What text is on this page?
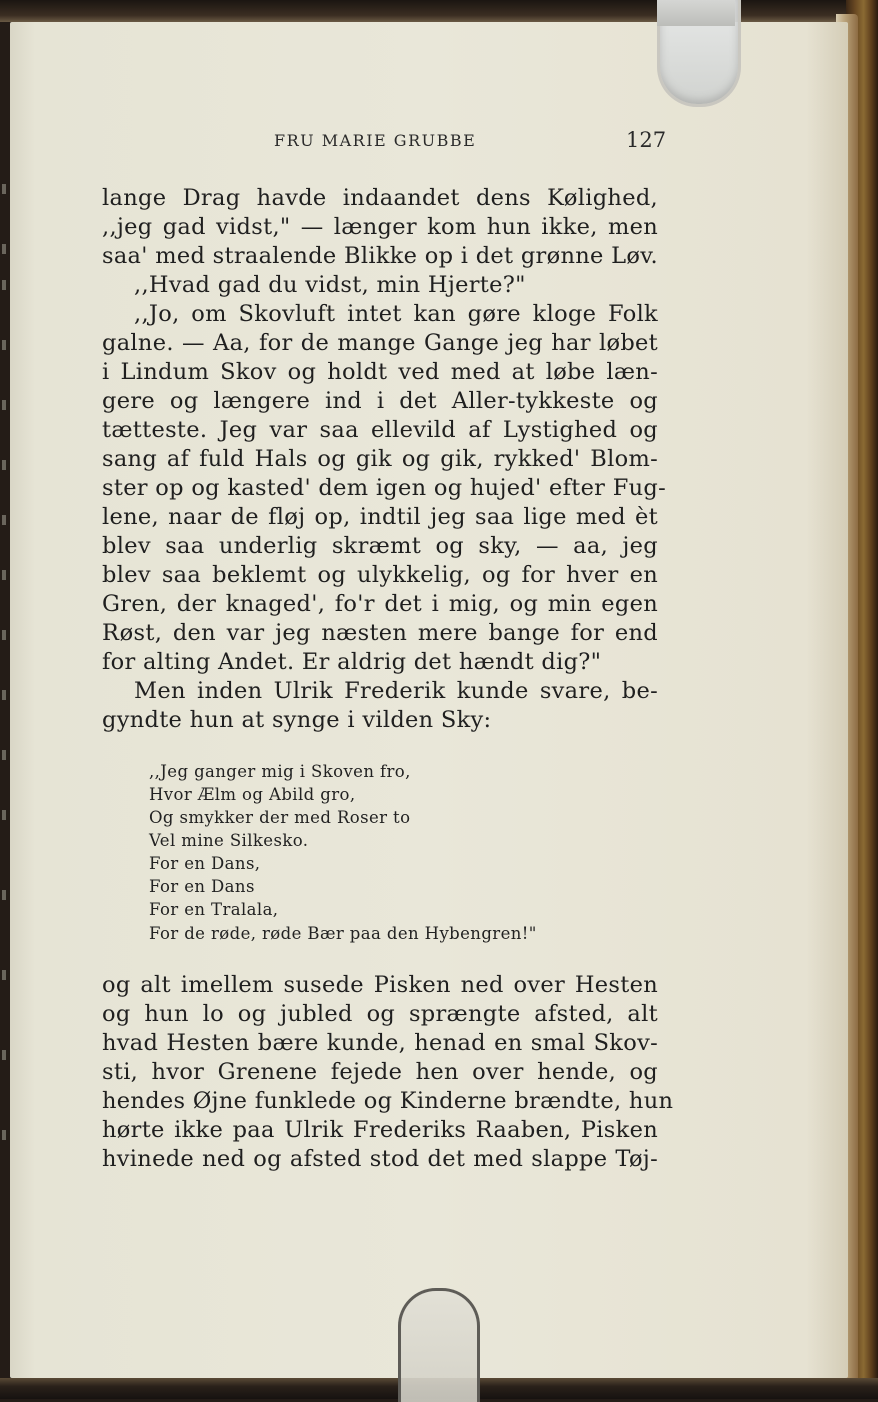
FRU MARIE GRUBBE	127
lange Drag havde indaandet dens Kølighed,
,,jeg gad vidst," — længer kom hun ikke, men
saa' med straalende Blikke op i det grønne Løv.
,,Hvad gad du vidst, min Hjerte?"
,,Jo, om Skovluft intet kan gøre kloge Folk
galne. — Aa, for de mange Gange jeg har løbet
i Lindum Skov og holdt ved med at løbe læn-
gere og længere ind i det Aller-tykkeste og
tætteste. Jeg var saa ellevild af Lystighed og
sang af fuld Hals og gik og gik, rykked' Blom-
ster op og kasted' dem igen og hujed' efter Fug-
lene, naar de fløj op, indtil jeg saa lige med èt
blev saa underlig skræmt og sky, — aa, jeg
blev saa beklemt og ulykkelig, og for hver en
Gren, der knaged', fo'r det i mig, og min egen
Røst, den var jeg næsten mere bange for end
for alting Andet. Er aldrig det hændt dig?"
Men inden Ulrik Frederik kunde svare, be-
gyndte hun at synge i vilden Sky:
,,Jeg ganger mig i Skoven fro,
Hvor Ælm og Abild gro,
Og smykker der med Roser to
Vel mine Silkesko.
For en Dans,
For en Dans
For en Tralala,
For de røde, røde Bær paa den Hybengren!"
og alt imellem susede Pisken ned over Hesten
og hun lo og jubled og sprængte afsted, alt
hvad Hesten bære kunde, henad en smal Skov-
sti, hvor Grenene fejede hen over hende, og
hendes Øjne funklede og Kinderne brændte, hun
hørte ikke paa Ulrik Frederiks Raaben, Pisken
hvinede ned og afsted stod det med slappe Tøj-
